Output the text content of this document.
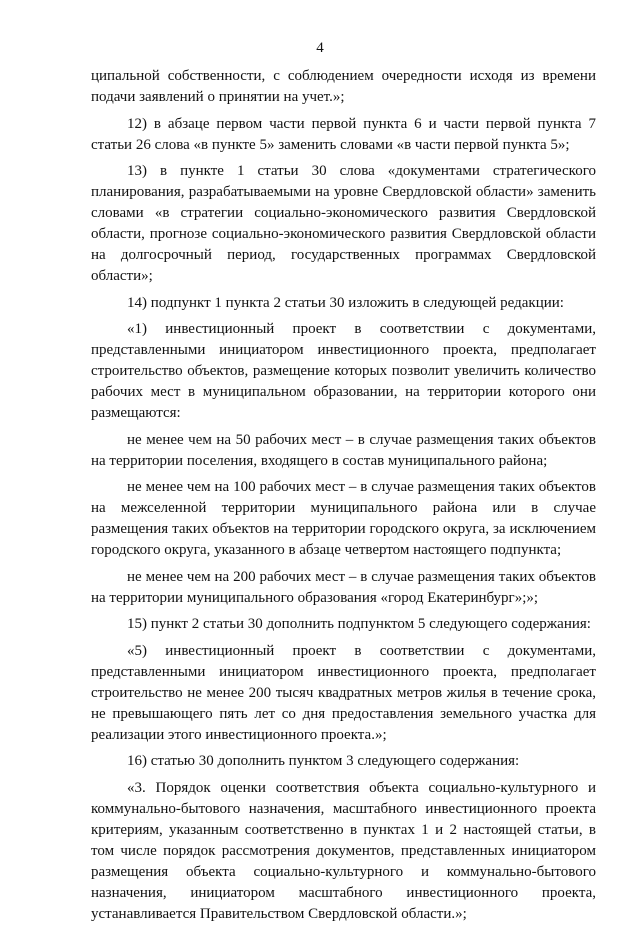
4

ципальной собственности, с соблюдением очередности исходя из времени подачи заявлений о принятии на учет.»;

12) в абзаце первом части первой пункта 6 и части первой пункта 7 статьи 26 слова «в пункте 5» заменить словами «в части первой пункта 5»;

13) в пункте 1 статьи 30 слова «документами стратегического планирования, разрабатываемыми на уровне Свердловской области» заменить словами «в стратегии социально-экономического развития Свердловской области, прогнозе социально-экономического развития Свердловской области на долгосрочный период, государственных программах Свердловской области»;

14) подпункт 1 пункта 2 статьи 30 изложить в следующей редакции:

«1) инвестиционный проект в соответствии с документами, представленными инициатором инвестиционного проекта, предполагает строительство объектов, размещение которых позволит увеличить количество рабочих мест в муниципальном образовании, на территории которого они размещаются:

не менее чем на 50 рабочих мест – в случае размещения таких объектов на территории поселения, входящего в состав муниципального района;

не менее чем на 100 рабочих мест – в случае размещения таких объектов на межселенной территории муниципального района или в случае размещения таких объектов на территории городского округа, за исключением городского округа, указанного в абзаце четвертом настоящего подпункта;

не менее чем на 200 рабочих мест – в случае размещения таких объектов на территории муниципального образования «город Екатеринбург»;»;

15) пункт 2 статьи 30 дополнить подпунктом 5 следующего содержания:

«5) инвестиционный проект в соответствии с документами, представленными инициатором инвестиционного проекта, предполагает строительство не менее 200 тысяч квадратных метров жилья в течение срока, не превышающего пять лет со дня предоставления земельного участка для реализации этого инвестиционного проекта.»;

16) статью 30 дополнить пунктом 3 следующего содержания:

«3. Порядок оценки соответствия объекта социально-культурного и коммунально-бытового назначения, масштабного инвестиционного проекта критериям, указанным соответственно в пунктах 1 и 2 настоящей статьи, в том числе порядок рассмотрения документов, представленных инициатором размещения объекта социально-культурного и коммунально-бытового назначения, инициатором масштабного инвестиционного проекта, устанавливается Правительством Свердловской области.»;
